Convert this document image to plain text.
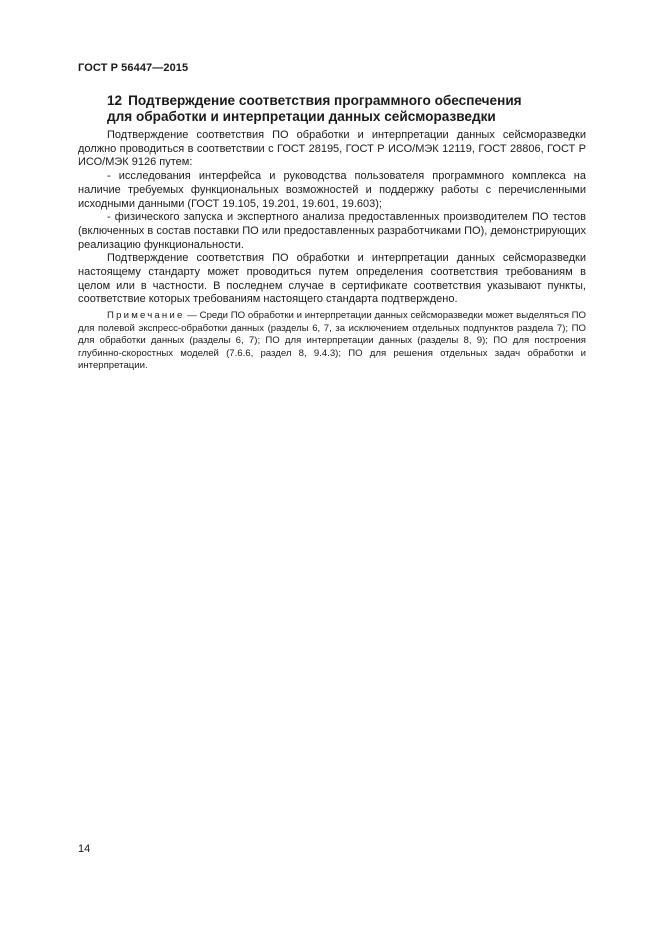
ГОСТ Р 56447—2015
12 Подтверждение соответствия программного обеспечения
для обработки и интерпретации данных сейсморазведки

Подтверждение соответствия ПО обработки и интерпретации данных сейсморазведки должно проводиться в соответствии с ГОСТ 28195, ГОСТ Р ИСО/МЭК 12119, ГОСТ 28806, ГОСТ Р ИСО/МЭК 9126 путем:

- исследования интерфейса и руководства пользователя программного комплекса на наличие требуемых функциональных возможностей и поддержку работы с перечисленными исходными данными (ГОСТ 19.105, 19.201, 19.601, 19.603);

- физического запуска и экспертного анализа предоставленных производителем ПО тестов (включенных в состав поставки ПО или предоставленных разработчиками ПО), демонстрирующих реализацию функциональности.

Подтверждение соответствия ПО обработки и интерпретации данных сейсморазведки настоящему стандарту может проводиться путем определения соответствия требованиям в целом или в частности. В последнем случае в сертификате соответствия указывают пункты, соответствие которых требованиям настоящего стандарта подтверждено.

Примечание — Среди ПО обработки и интерпретации данных сейсморазведки может выделяться ПО для полевой экспресс-обработки данных (разделы 6, 7, за исключением отдельных подпунктов раздела 7); ПО для обработки данных (разделы 6, 7); ПО для интерпретации данных (разделы 8, 9); ПО для построения глубинно-скоростных моделей (7.6.6, раздел 8, 9.4.3); ПО для решения отдельных задач обработки и интерпретации.

14
